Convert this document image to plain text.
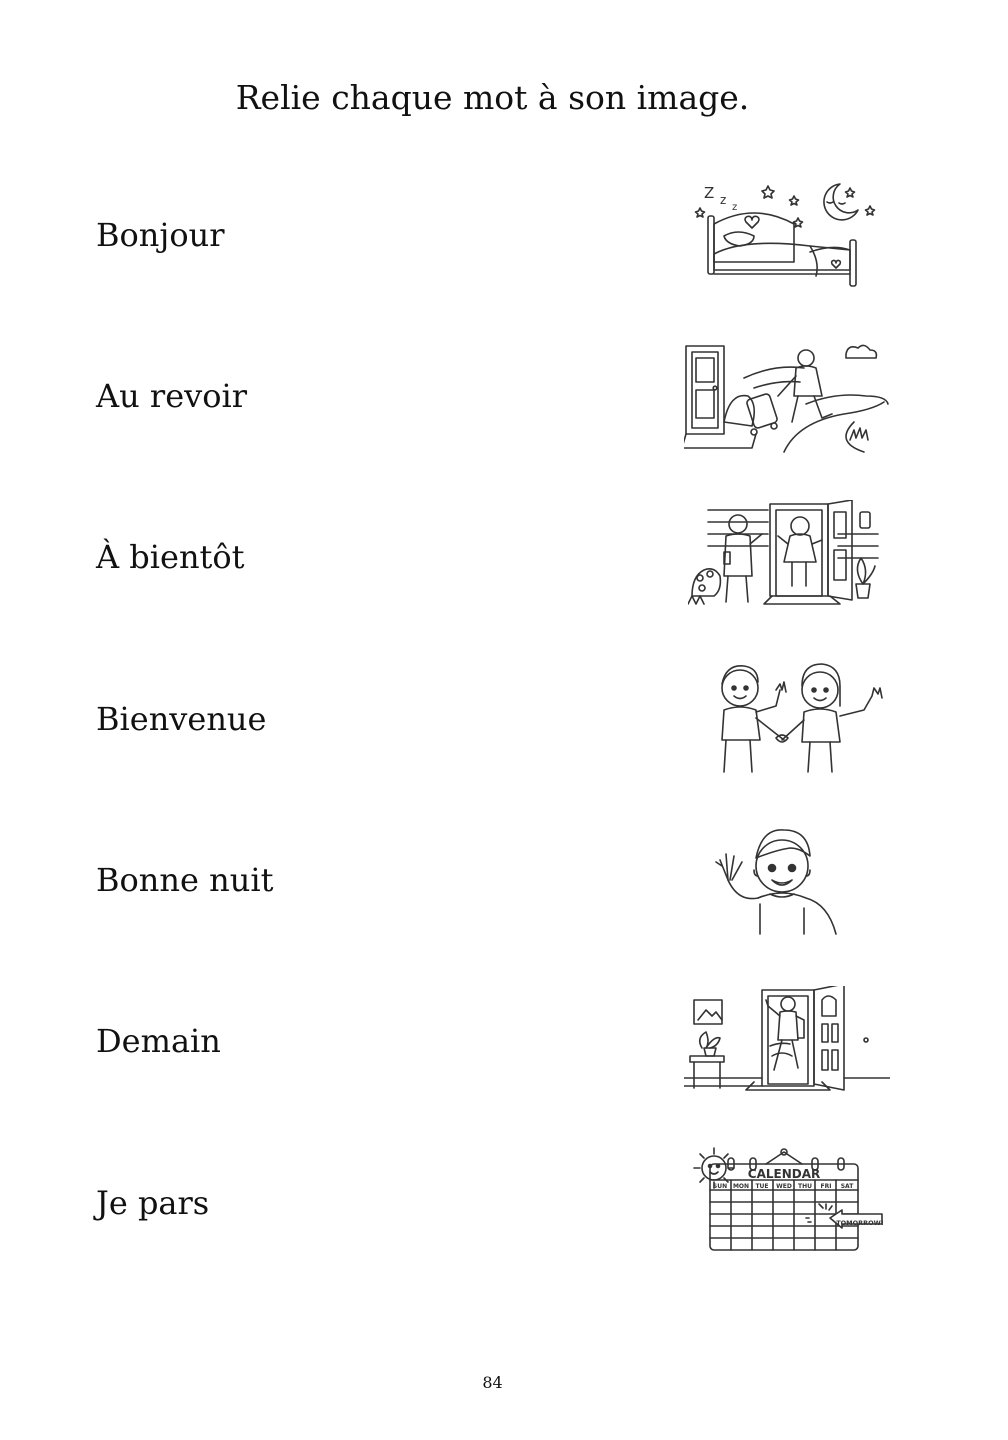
Relie chaque mot à son image.
Bonjour
Au revoir
À bientôt
Bienvenue
Bonne nuit
Demain
Je pars
Z z
z
CALENDAR
SUN MON TUE WED THU FRI SAT
TOMORROW!
84
